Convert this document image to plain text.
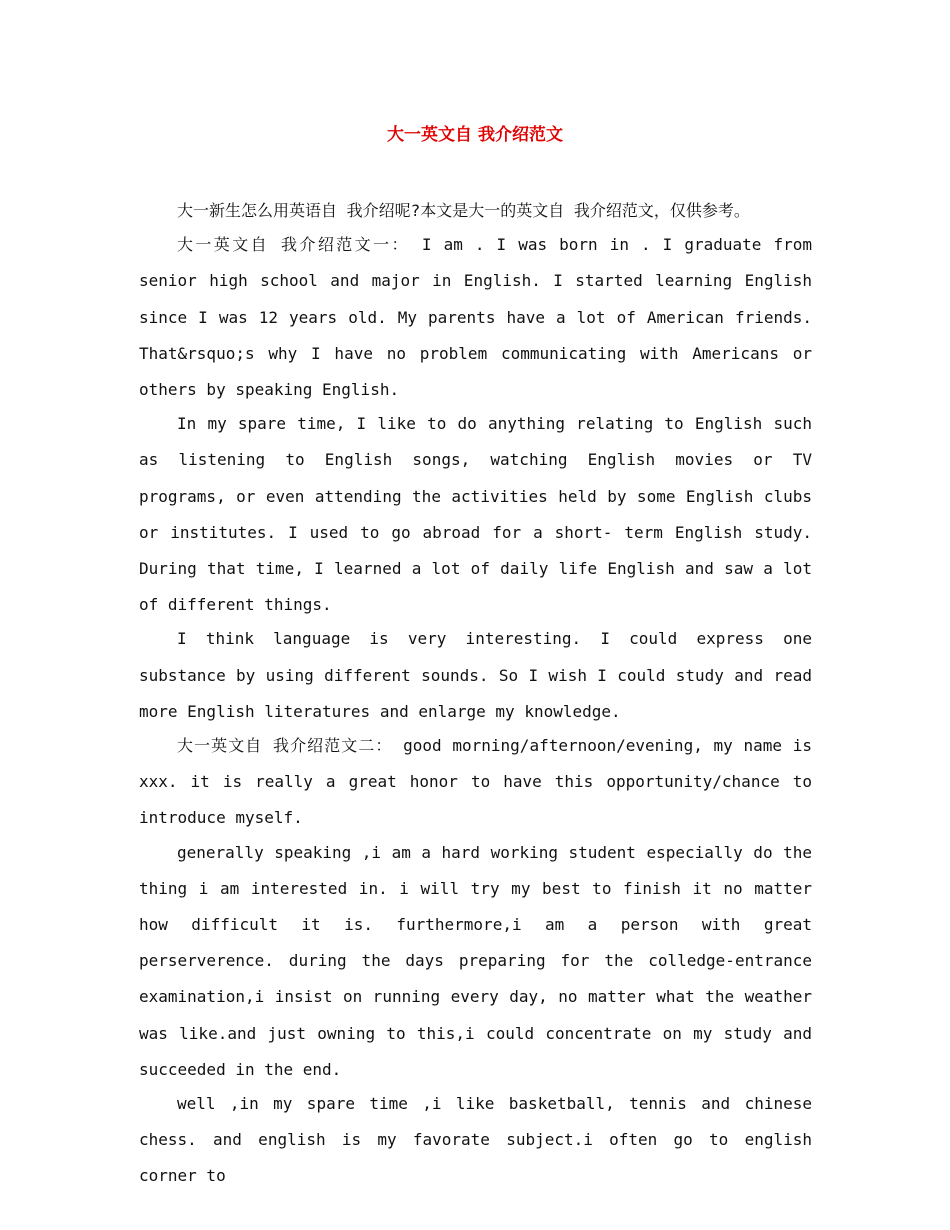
大一英文自 我介绍范文

大一新生怎么用英语自 我介绍呢?本文是大一的英文自 我介绍范文，仅供参考。

大一英文自 我介绍范文一： I am . I was born in . I graduate from senior high school and major in English. I started learning English since I was 12 years old. My parents have a lot of American friends. That&rsquo;s why I have no problem communicating with Americans or others by speaking English.

In my spare time, I like to do anything relating to English such as listening to English songs, watching English movies or TV programs, or even attending the activities held by some English clubs or institutes. I used to go abroad for a short- term English study. During that time, I learned a lot of daily life English and saw a lot of different things.

I think language is very interesting. I could express one substance by using different sounds. So I wish I could study and read more English literatures and enlarge my knowledge.

大一英文自 我介绍范文二： good morning/afternoon/evening, my name is xxx. it is really a great honor to have this opportunity/chance to introduce myself.

generally speaking ,i am a hard working student especially do the thing i am interested in. i will try my best to finish it no matter how difficult it is. furthermore,i am a person with great perserverence. during the days preparing for the colledge-entrance examination,i insist on running every day, no matter what the weather was like.and just owning to this,i could concentrate on my study and succeeded in the end.

well ,in my spare time ,i like basketball, tennis and chinese chess. and english is my favorate subject.i often go to english corner to
